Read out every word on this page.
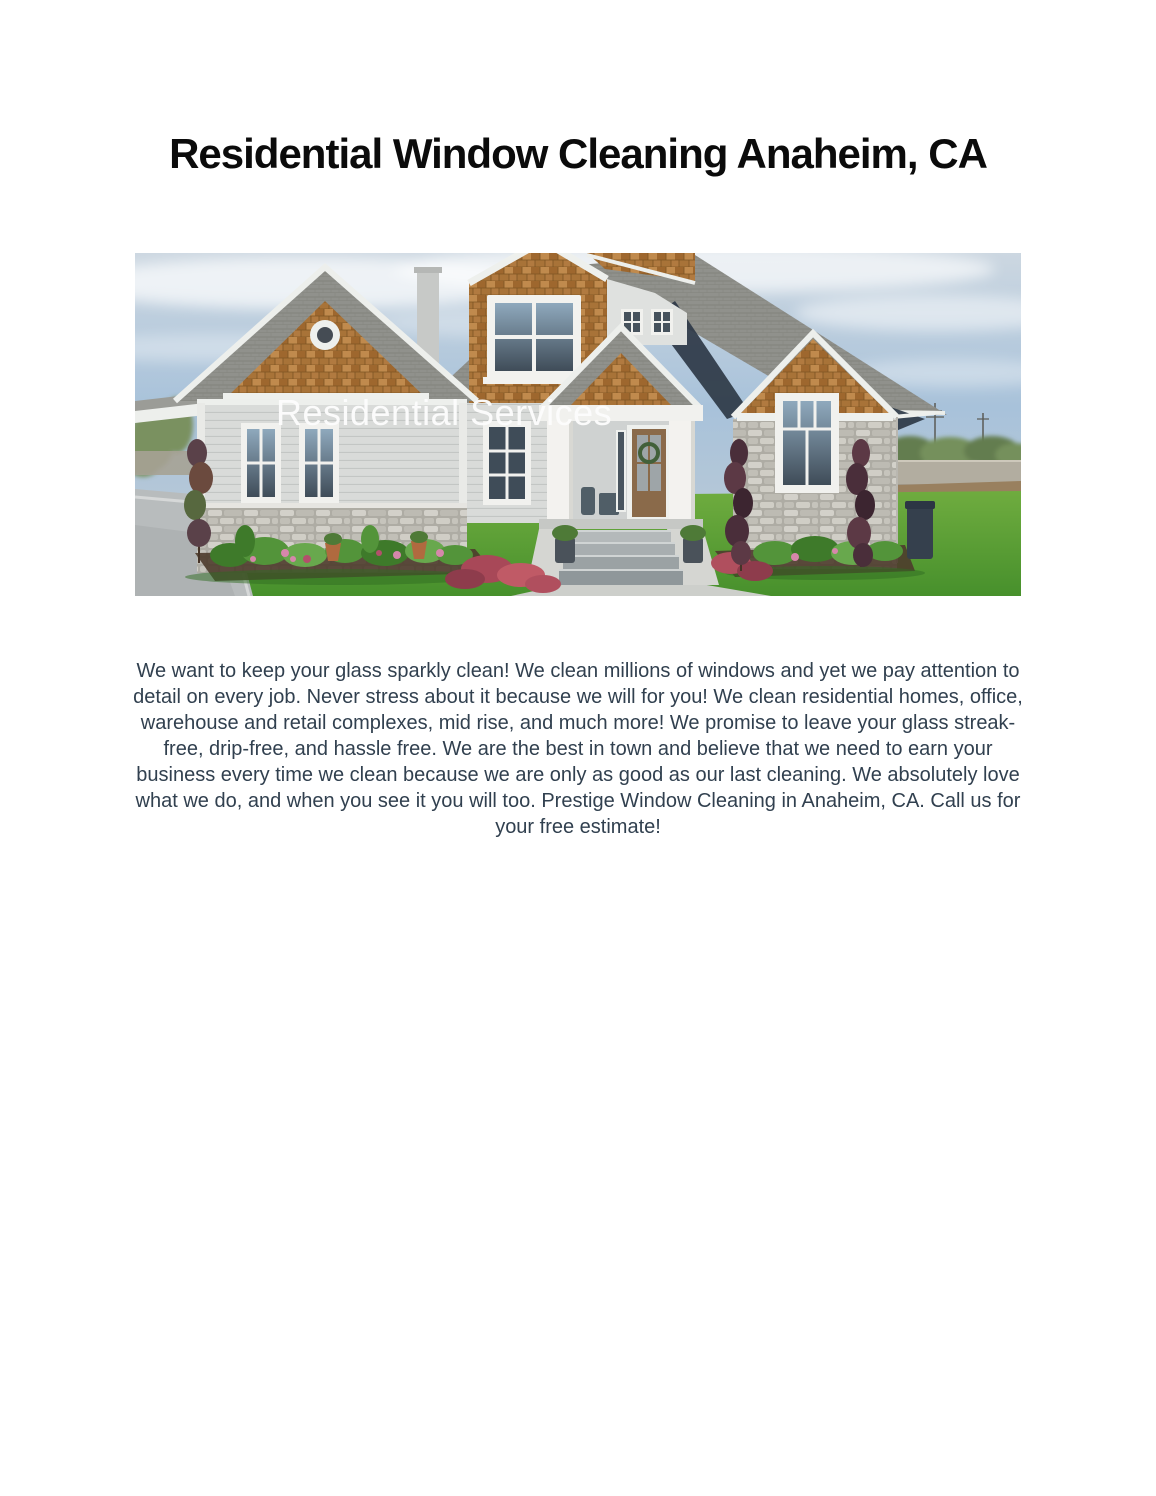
Residential Window Cleaning Anaheim, CA
Residential Services

We want to keep your glass sparkly clean! We clean millions of windows and yet we pay attention to detail on every job. Never stress about it because we will for you! We clean residential homes, office, warehouse and retail complexes, mid rise, and much more! We promise to leave your glass streak-free, drip-free, and hassle free. We are the best in town and believe that we need to earn your business every time we clean because we are only as good as our last cleaning. We absolutely love what we do, and when you see it you will too. Prestige Window Cleaning in Anaheim, CA. Call us for your free estimate!
